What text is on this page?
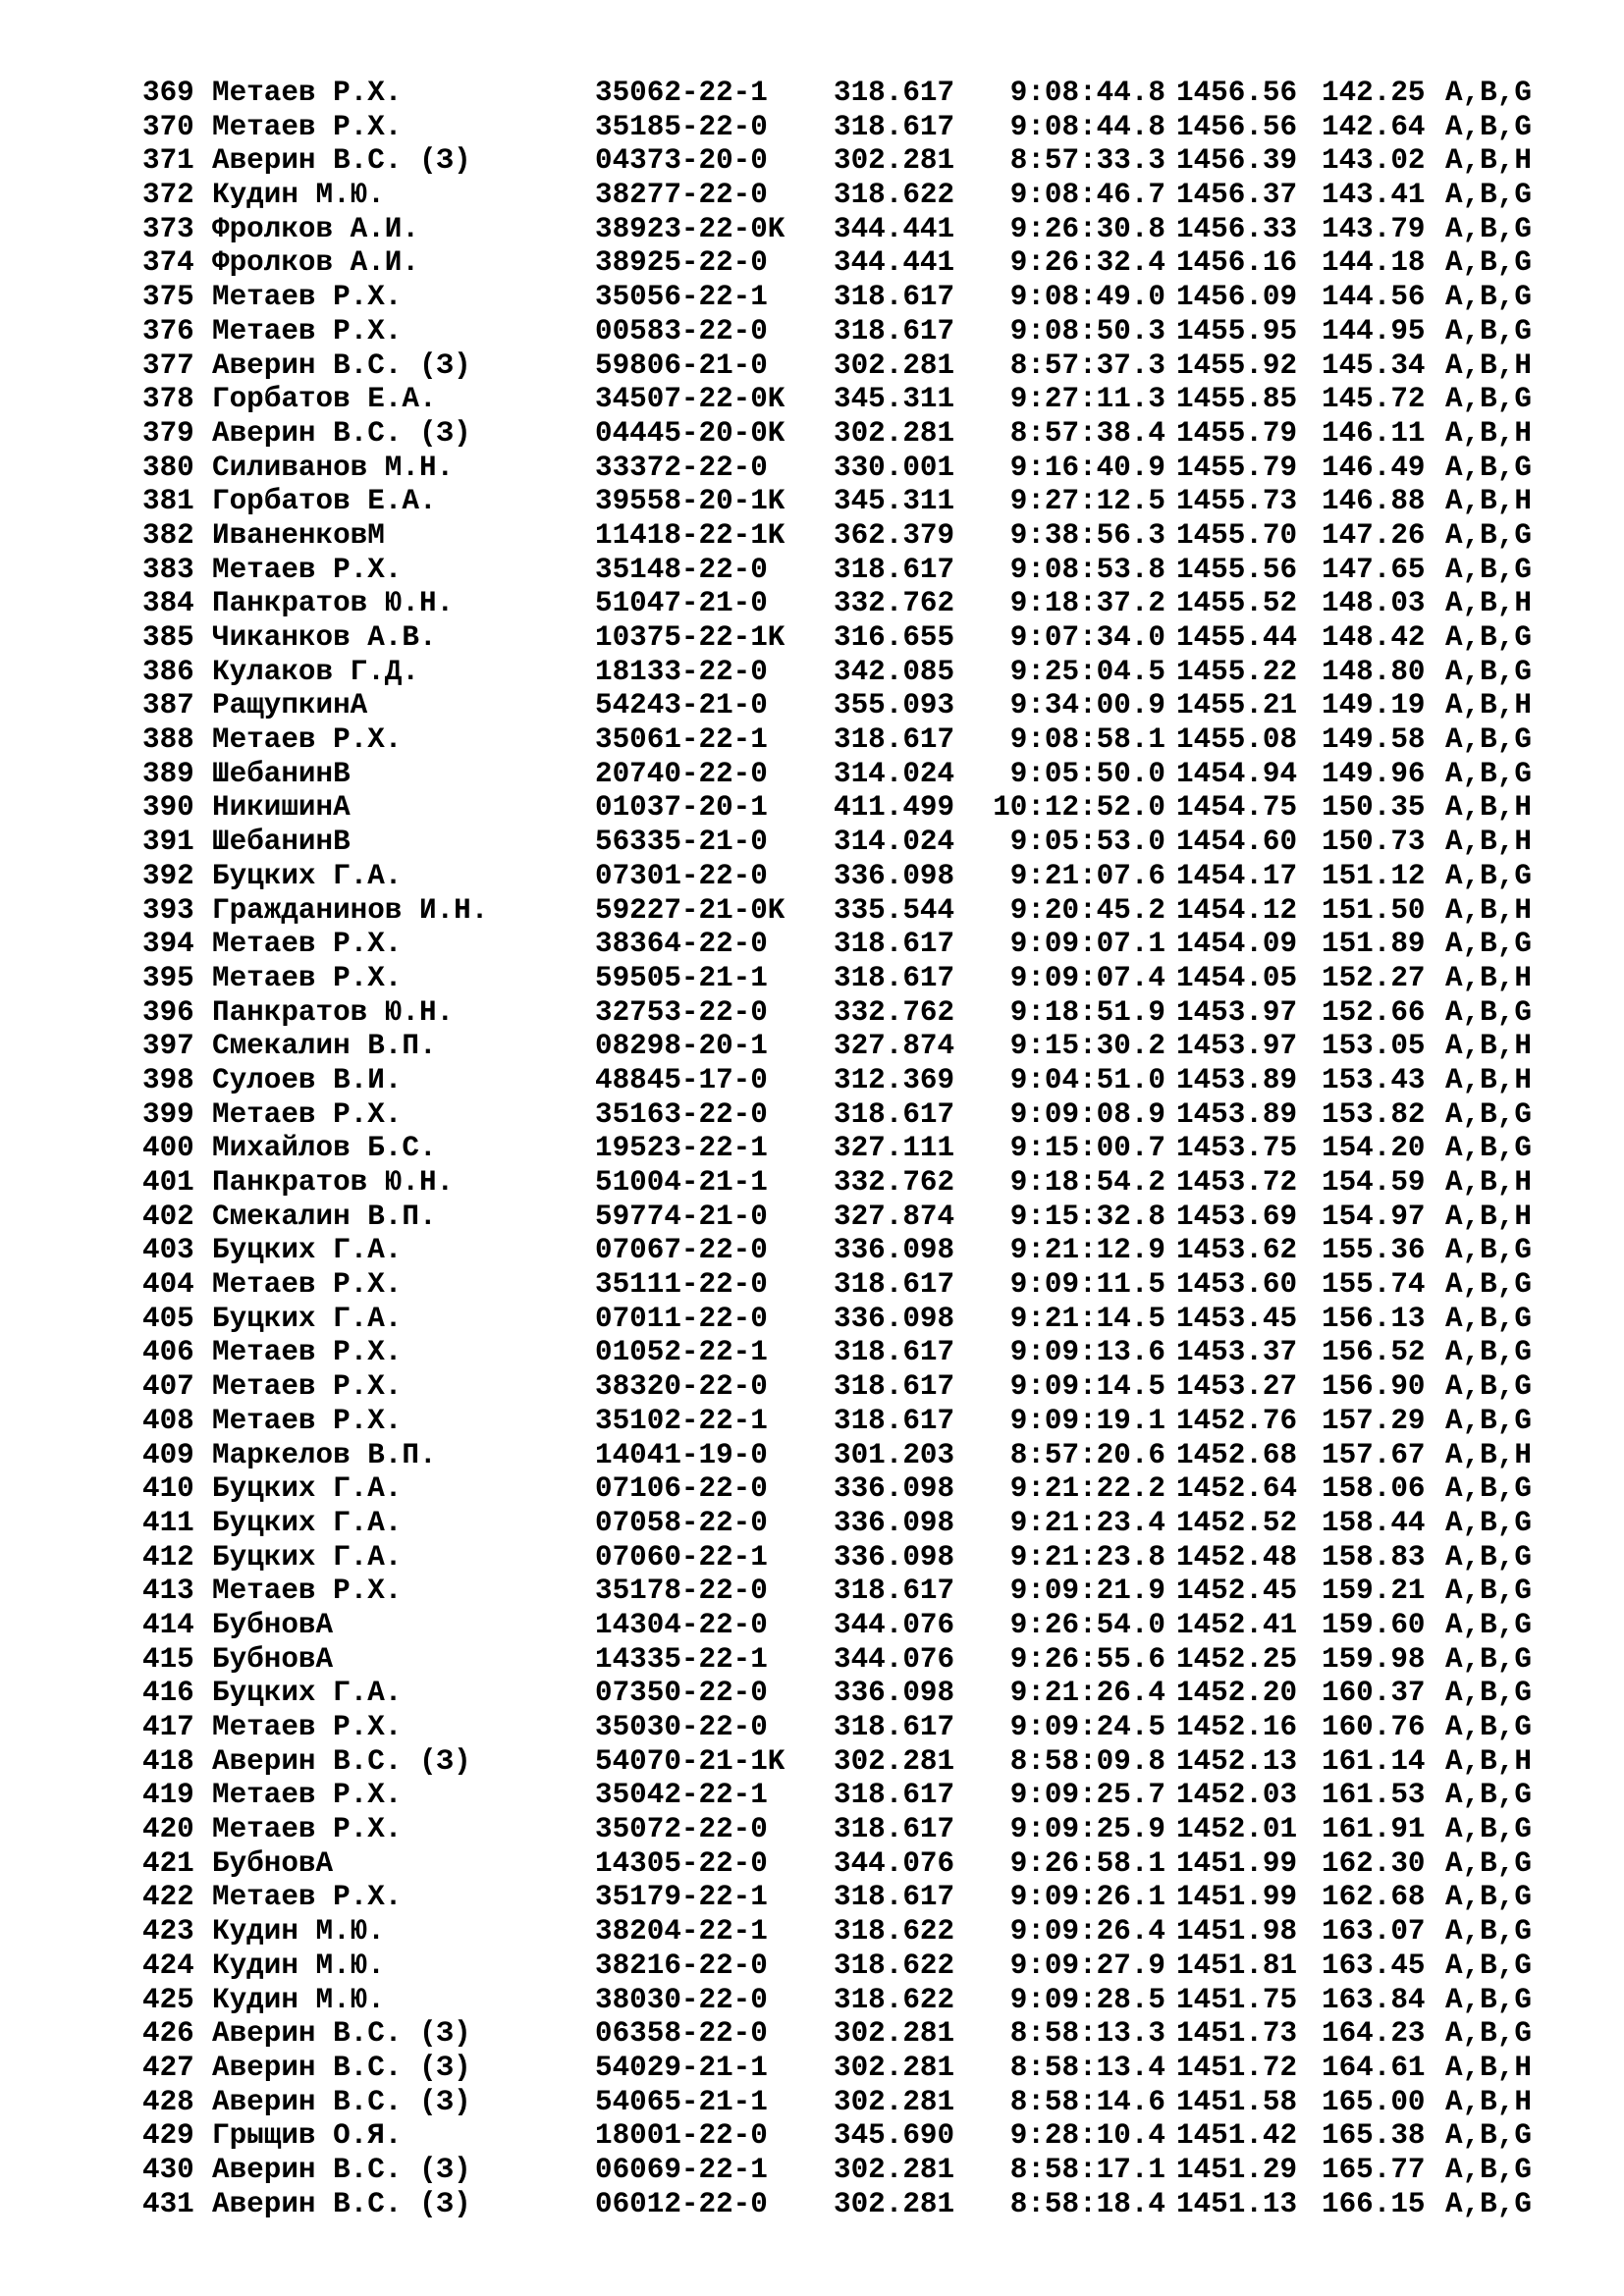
369 Метаев Р.Х.	35062-22-1 318.617	9:08:44.8 1456.56 142.25 A,B,G
370 Метаев Р.Х.	35185-22-0 318.617	9:08:44.8 1456.56 142.64 A,B,G
371 Аверин В.С. (З)	04373-20-0 302.281	8:57:33.3 1456.39 143.02 A,B,H
372 Кудин М.Ю.	38277-22-0 318.622	9:08:46.7 1456.37 143.41 A,B,G
373 Фролков А.И.	38923-22-0K 344.441	9:26:30.8 1456.33 143.79 A,B,G
374 Фролков А.И.	38925-22-0 344.441	9:26:32.4 1456.16 144.18 A,B,G
375 Метаев Р.Х.	35056-22-1 318.617	9:08:49.0 1456.09 144.56 A,B,G
376 Метаев Р.Х.	00583-22-0 318.617	9:08:50.3 1455.95 144.95 A,B,G
377 Аверин В.С. (З)	59806-21-0 302.281	8:57:37.3 1455.92 145.34 A,B,H
378 Горбатов Е.А.	34507-22-0K 345.311	9:27:11.3 1455.85 145.72 A,B,G
379 Аверин В.С. (З)	04445-20-0K 302.281	8:57:38.4 1455.79 146.11 A,B,H
380 Силиванов М.Н.	33372-22-0 330.001	9:16:40.9 1455.79 146.49 A,B,G
381 Горбатов Е.А.	39558-20-1K 345.311	9:27:12.5 1455.73 146.88 A,B,H
382 ИваненковМ	11418-22-1K 362.379	9:38:56.3 1455.70 147.26 A,B,G
383 Метаев Р.Х.	35148-22-0 318.617	9:08:53.8 1455.56 147.65 A,B,G
384 Панкратов Ю.Н.	51047-21-0 332.762	9:18:37.2 1455.52 148.03 A,B,H
385 Чиканков А.В.	10375-22-1K 316.655	9:07:34.0 1455.44 148.42 A,B,G
386 Кулаков Г.Д.	18133-22-0 342.085	9:25:04.5 1455.22 148.80 A,B,G
387 РащупкинА	54243-21-0 355.093	9:34:00.9 1455.21 149.19 A,B,H
388 Метаев Р.Х.	35061-22-1 318.617	9:08:58.1 1455.08 149.58 A,B,G
389 ШебанинВ	20740-22-0 314.024	9:05:50.0 1454.94 149.96 A,B,G
390 НикишинА	01037-20-1 411.499	10:12:52.0 1454.75 150.35 A,B,H
391 ШебанинВ	56335-21-0 314.024	9:05:53.0 1454.60 150.73 A,B,H
392 Буцких Г.А.	07301-22-0 336.098	9:21:07.6 1454.17 151.12 A,B,G
393 Гражданинов И.Н.	59227-21-0K 335.544	9:20:45.2 1454.12 151.50 A,B,H
394 Метаев Р.Х.	38364-22-0 318.617	9:09:07.1 1454.09 151.89 A,B,G
395 Метаев Р.Х.	59505-21-1 318.617	9:09:07.4 1454.05 152.27 A,B,H
396 Панкратов Ю.Н.	32753-22-0 332.762	9:18:51.9 1453.97 152.66 A,B,G
397 Смекалин В.П.	08298-20-1 327.874	9:15:30.2 1453.97 153.05 A,B,H
398 Сулоев В.И.	48845-17-0 312.369	9:04:51.0 1453.89 153.43 A,B,H
399 Метаев Р.Х.	35163-22-0 318.617	9:09:08.9 1453.89 153.82 A,B,G
400 Михайлов Б.С.	19523-22-1 327.111	9:15:00.7 1453.75 154.20 A,B,G
401 Панкратов Ю.Н.	51004-21-1 332.762	9:18:54.2 1453.72 154.59 A,B,H
402 Смекалин В.П.	59774-21-0 327.874	9:15:32.8 1453.69 154.97 A,B,H
403 Буцких Г.А.	07067-22-0 336.098	9:21:12.9 1453.62 155.36 A,B,G
404 Метаев Р.Х.	35111-22-0 318.617	9:09:11.5 1453.60 155.74 A,B,G
405 Буцких Г.А.	07011-22-0 336.098	9:21:14.5 1453.45 156.13 A,B,G
406 Метаев Р.Х.	01052-22-1 318.617	9:09:13.6 1453.37 156.52 A,B,G
407 Метаев Р.Х.	38320-22-0 318.617	9:09:14.5 1453.27 156.90 A,B,G
408 Метаев Р.Х.	35102-22-1 318.617	9:09:19.1 1452.76 157.29 A,B,G
409 Маркелов В.П.	14041-19-0 301.203	8:57:20.6 1452.68 157.67 A,B,H
410 Буцких Г.А.	07106-22-0 336.098	9:21:22.2 1452.64 158.06 A,B,G
411 Буцких Г.А.	07058-22-0 336.098	9:21:23.4 1452.52 158.44 A,B,G
412 Буцких Г.А.	07060-22-1 336.098	9:21:23.8 1452.48 158.83 A,B,G
413 Метаев Р.Х.	35178-22-0 318.617	9:09:21.9 1452.45 159.21 A,B,G
414 БубновА	14304-22-0 344.076	9:26:54.0 1452.41 159.60 A,B,G
415 БубновА	14335-22-1 344.076	9:26:55.6 1452.25 159.98 A,B,G
416 Буцких Г.А.	07350-22-0 336.098	9:21:26.4 1452.20 160.37 A,B,G
417 Метаев Р.Х.	35030-22-0 318.617	9:09:24.5 1452.16 160.76 A,B,G
418 Аверин В.С. (З)	54070-21-1K 302.281	8:58:09.8 1452.13 161.14 A,B,H
419 Метаев Р.Х.	35042-22-1 318.617	9:09:25.7 1452.03 161.53 A,B,G
420 Метаев Р.Х.	35072-22-0 318.617	9:09:25.9 1452.01 161.91 A,B,G
421 БубновА	14305-22-0 344.076	9:26:58.1 1451.99 162.30 A,B,G
422 Метаев Р.Х.	35179-22-1 318.617	9:09:26.1 1451.99 162.68 A,B,G
423 Кудин М.Ю.	38204-22-1 318.622	9:09:26.4 1451.98 163.07 A,B,G
424 Кудин М.Ю.	38216-22-0 318.622	9:09:27.9 1451.81 163.45 A,B,G
425 Кудин М.Ю.	38030-22-0 318.622	9:09:28.5 1451.75 163.84 A,B,G
426 Аверин В.С. (З)	06358-22-0 302.281	8:58:13.3 1451.73 164.23 A,B,G
427 Аверин В.С. (З)	54029-21-1 302.281	8:58:13.4 1451.72 164.61 A,B,H
428 Аверин В.С. (З)	54065-21-1 302.281	8:58:14.6 1451.58 165.00 A,B,H
429 Грыщив О.Я.	18001-22-0 345.690	9:28:10.4 1451.42 165.38 A,B,G
430 Аверин В.С. (З)	06069-22-1 302.281	8:58:17.1 1451.29 165.77 A,B,G
431 Аверин В.С. (З)	06012-22-0 302.281	8:58:18.4 1451.13 166.15 A,B,G
